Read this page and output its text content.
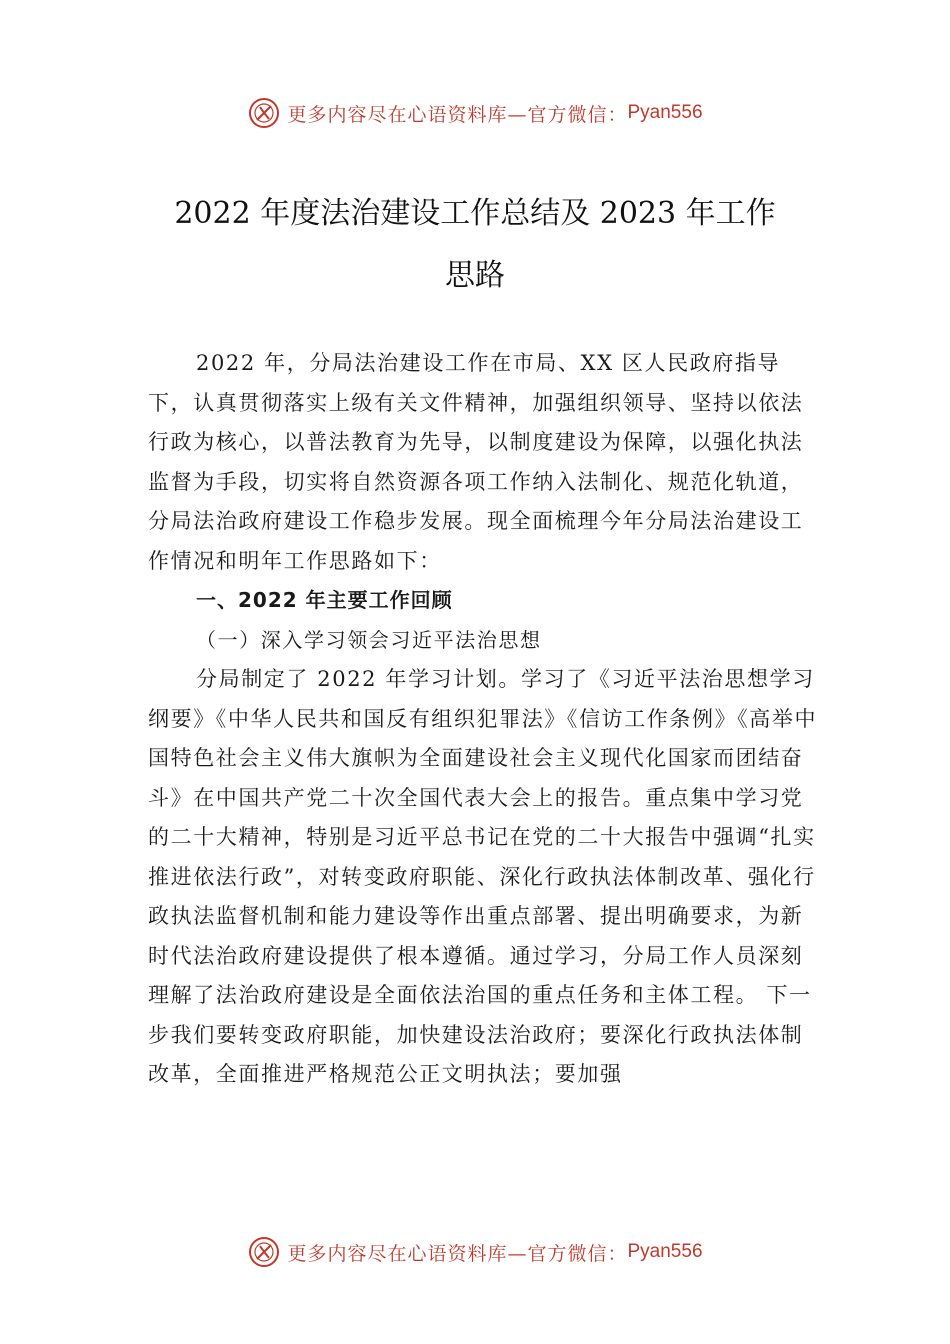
更多内容尽在心语资料库—官方微信： Pyan556
2022 年度法治建设工作总结及 2023 年工作
思路

2022 年，分局法治建设工作在市局、XX 区人民政府指导下，认真贯彻落实上级有关文件精神，加强组织领导、坚持以依法行政为核心，以普法教育为先导，以制度建设为保障，以强化执法监督为手段，切实将自然资源各项工作纳入法制化、规范化轨道，分局法治政府建设工作稳步发展。现全面梳理今年分局法治建设工作情况和明年工作思路如下：

一、2022 年主要工作回顾

（一）深入学习领会习近平法治思想

分局制定了 2022 年学习计划。学习了《习近平法治思想学习纲要》《中华人民共和国反有组织犯罪法》《信访工作条例》《高举中国特色社会主义伟大旗帜为全面建设社会主义现代化国家而团结奋斗》在中国共产党二十次全国代表大会上的报告。重点集中学习党的二十大精神，特别是习近平总书记在党的二十大报告中强调“扎实推进依法行政”，对转变政府职能、深化行政执法体制改革、强化行政执法监督机制和能力建设等作出重点部署、提出明确要求，为新时代法治政府建设提供了根本遵循。通过学习，分局工作人员深刻理解了法治政府建设是全面依法治国的重点任务和主体工程。 下一步我们要转变政府职能，加快建设法治政府；要深化行政执法体制改革，全面推进严格规范公正文明执法；要加强

更多内容尽在心语资料库—官方微信： Pyan556
